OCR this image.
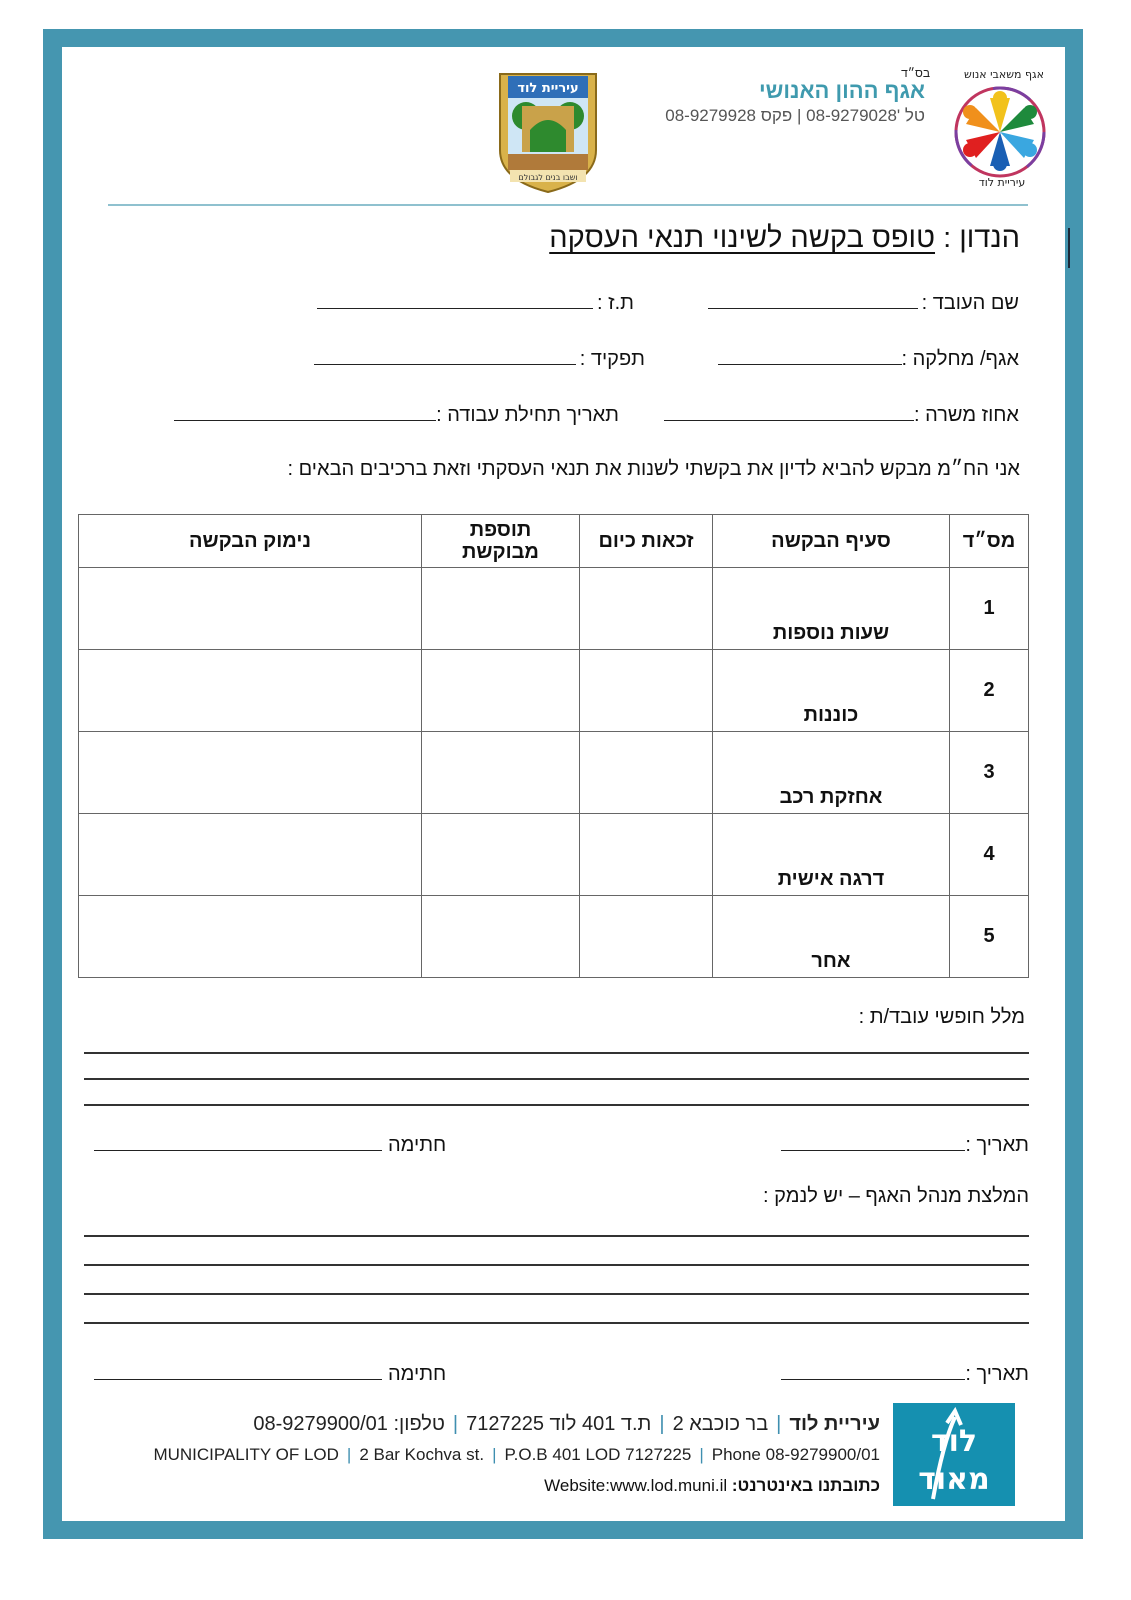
אגף משאבי אנוש
עיריית לוד
בס״ד
אגף ההון האנושי
טל '08-9279028 | פקס 08-9279928
עיריית לוד
ושבו בנים לגבולם
הנדון : טופס בקשה לשינוי תנאי העסקה
שם העובד :
ת.ז :
אגף/ מחלקה :
תפקיד :
אחוז משרה :
תאריך תחילת עבודה :
אני הח״מ מבקש להביא לדיון את בקשתי לשנות את תנאי העסקתי וזאת ברכיבים הבאים :
מס״ד	סעיף הבקשה	זכאות כיום	תוספת מבוקשת	נימוק הבקשה
1	שעות נוספות			

2	כוננות			

3	אחזקת רכב			

4	דרגה אישית			

5	אחר			

מלל חופשי עובד/ת :
תאריך :
חתימה
המלצת מנהל האגף – יש לנמק :
תאריך :
חתימה
עיריית לוד|בר כוכבא 2|ת.ד 401 לוד 7127225|טלפון: 08-9279900/01
MUNICIPALITY OF LOD | 2 Bar Kochva st. | P.O.B 401 LOD 7127225 | Phone 08-9279900/01
Website:www.lod.muni.il כתובתנו באינטרנט:
לוד
מאוד
